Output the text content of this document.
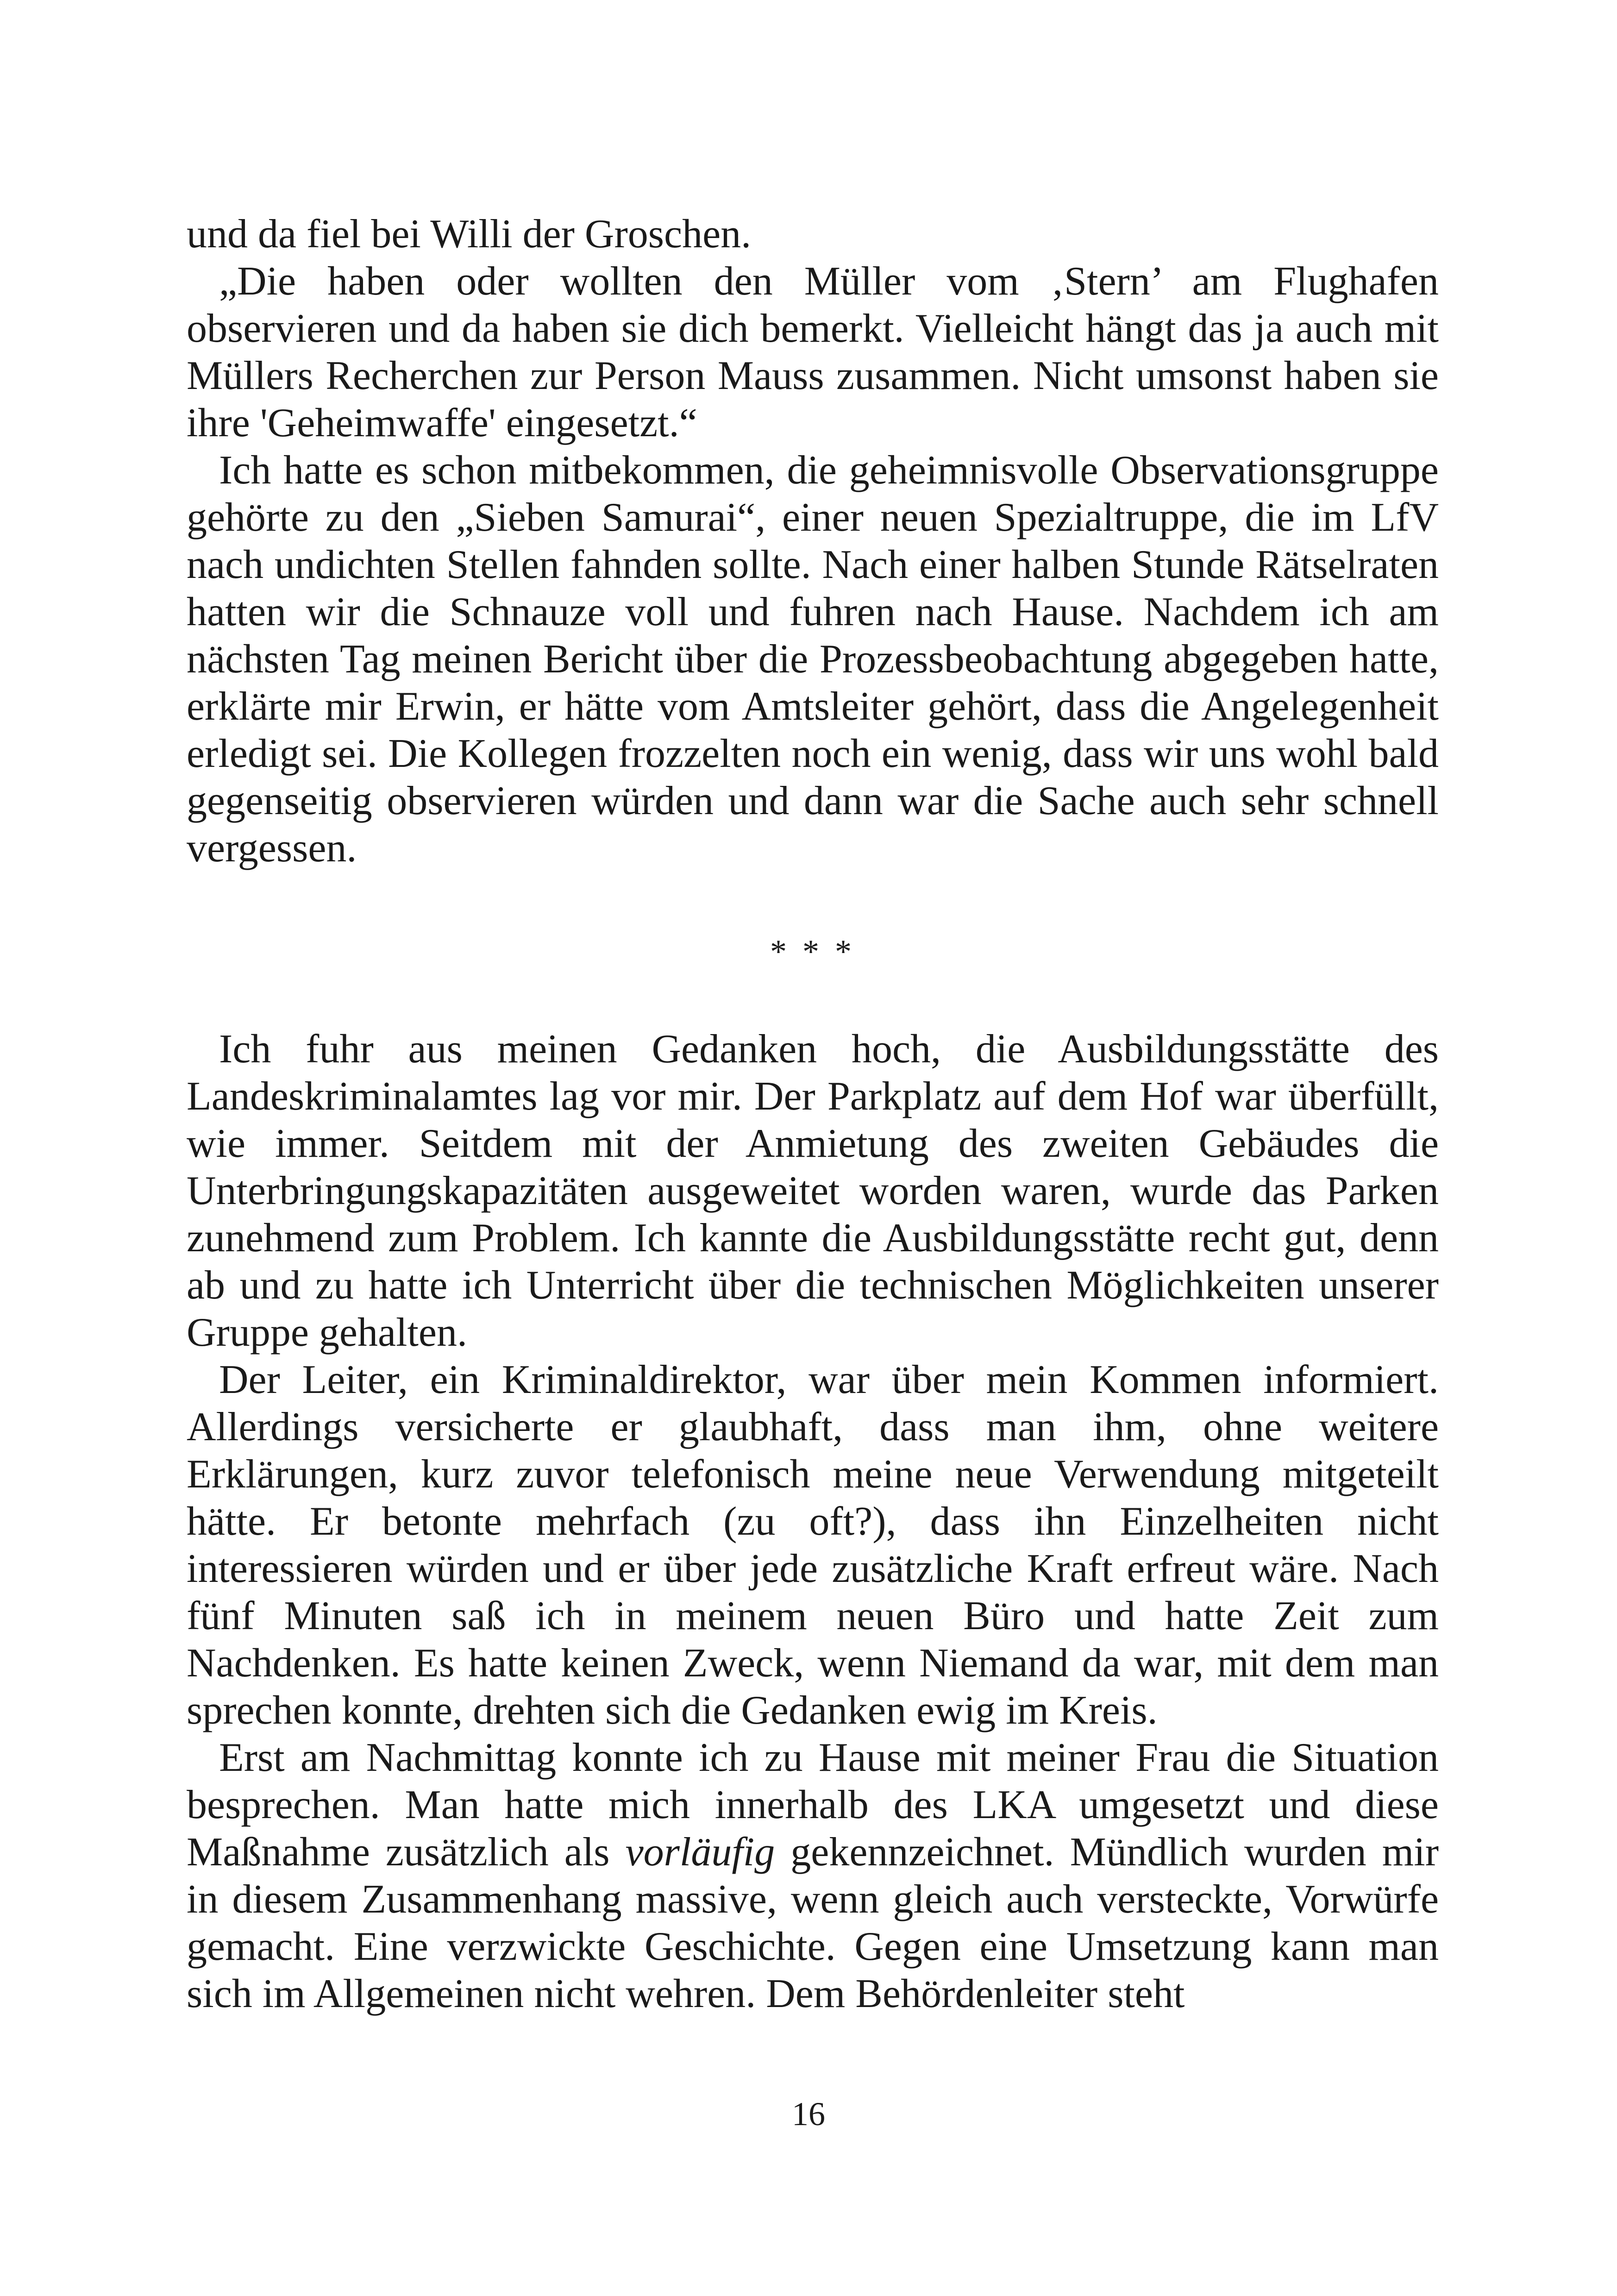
und da fiel bei Willi der Groschen.

„Die haben oder wollten den Müller vom ‚Stern’ am Flughafen observieren und da haben sie dich bemerkt. Vielleicht hängt das ja auch mit Müllers Recherchen zur Person Mauss zusammen. Nicht umsonst haben sie ihre 'Geheimwaffe' eingesetzt.“

Ich hatte es schon mitbekommen, die geheimnisvolle Observationsgruppe gehörte zu den „Sieben Samurai“, einer neuen Spezialtruppe, die im LfV nach undichten Stellen fahnden sollte. Nach einer halben Stunde Rätselraten hatten wir die Schnauze voll und fuhren nach Hause. Nachdem ich am nächsten Tag meinen Bericht über die Prozessbeobachtung abgegeben hatte, erklärte mir Erwin, er hätte vom Amtsleiter gehört, dass die Angelegenheit erledigt sei. Die Kollegen frozzelten noch ein wenig, dass wir uns wohl bald gegenseitig observieren würden und dann war die Sache auch sehr schnell vergessen.

* * *

Ich fuhr aus meinen Gedanken hoch, die Ausbildungsstätte des Landeskriminalamtes lag vor mir. Der Parkplatz auf dem Hof war überfüllt, wie immer. Seitdem mit der Anmietung des zweiten Gebäudes die Unterbringungskapazitäten ausgeweitet worden waren, wurde das Parken zunehmend zum Problem. Ich kannte die Ausbildungsstätte recht gut, denn ab und zu hatte ich Unterricht über die technischen Möglichkeiten unserer Gruppe gehalten.

Der Leiter, ein Kriminaldirektor, war über mein Kommen informiert. Allerdings versicherte er glaubhaft, dass man ihm, ohne weitere Erklärungen, kurz zuvor telefonisch meine neue Verwendung mitgeteilt hätte. Er betonte mehrfach (zu oft?), dass ihn Einzelheiten nicht interessieren würden und er über jede zusätzliche Kraft erfreut wäre. Nach fünf Minuten saß ich in meinem neuen Büro und hatte Zeit zum Nachdenken. Es hatte keinen Zweck, wenn Niemand da war, mit dem man sprechen konnte, drehten sich die Gedanken ewig im Kreis.

Erst am Nachmittag konnte ich zu Hause mit meiner Frau die Situation besprechen. Man hatte mich innerhalb des LKA umgesetzt und diese Maßnahme zusätzlich als vorläufig gekennzeichnet. Mündlich wurden mir in diesem Zusammenhang massive, wenn gleich auch versteckte, Vorwürfe gemacht. Eine verzwickte Geschichte. Gegen eine Umsetzung kann man sich im Allgemeinen nicht wehren. Dem Behördenleiter steht

16
